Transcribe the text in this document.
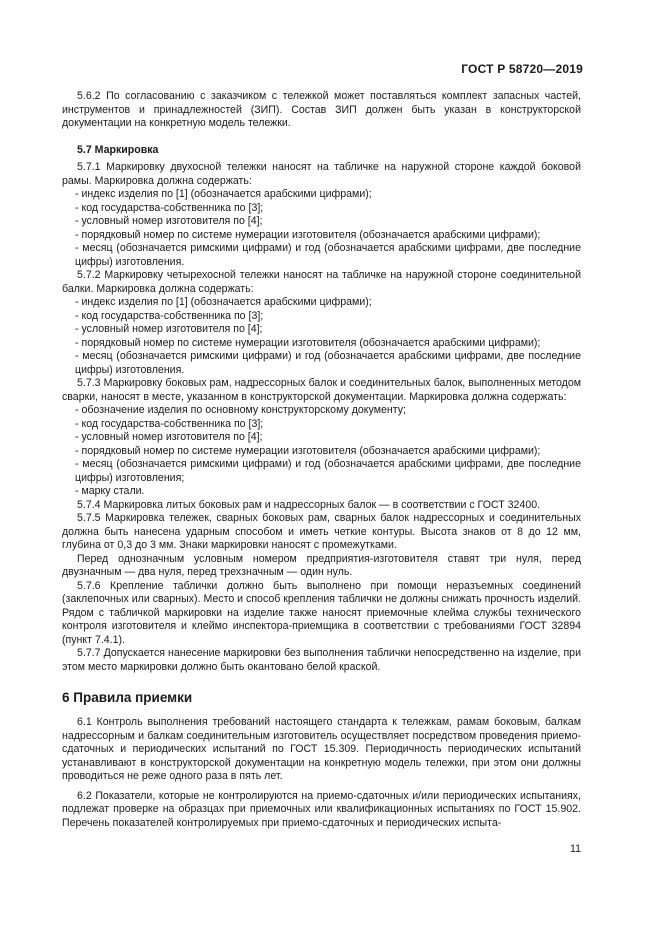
ГОСТ Р 58720—2019

5.6.2 По согласованию с заказчиком с тележкой может поставляться комплект запасных частей, инструментов и принадлежностей (ЗИП). Состав ЗИП должен быть указан в конструкторской документации на конкретную модель тележки.

5.7 Маркировка

5.7.1 Маркировку двухосной тележки наносят на табличке на наружной стороне каждой боковой рамы. Маркировка должна содержать:

- индекс изделия по [1] (обозначается арабскими цифрами);

- код государства-собственника по [3];

- условный номер изготовителя по [4];

- порядковый номер по системе нумерации изготовителя (обозначается арабскими цифрами);

- месяц (обозначается римскими цифрами) и год (обозначается арабскими цифрами, две последние цифры) изготовления.

5.7.2 Маркировку четырехосной тележки наносят на табличке на наружной стороне соединительной балки. Маркировка должна содержать:

- индекс изделия по [1] (обозначается арабскими цифрами);

- код государства-собственника по [3];

- условный номер изготовителя по [4];

- порядковый номер по системе нумерации изготовителя (обозначается арабскими цифрами);

- месяц (обозначается римскими цифрами) и год (обозначается арабскими цифрами, две последние цифры) изготовления.

5.7.3 Маркировку боковых рам, надрессорных балок и соединительных балок, выполненных методом сварки, наносят в месте, указанном в конструкторской документации. Маркировка должна содержать:

- обозначение изделия по основному конструкторскому документу;

- код государства-собственника по [3];

- условный номер изготовителя по [4];

- порядковый номер по системе нумерации изготовителя (обозначается арабскими цифрами);

- месяц (обозначается римскими цифрами) и год (обозначается арабскими цифрами, две последние цифры) изготовления;

- марку стали.

5.7.4 Маркировка литых боковых рам и надрессорных балок — в соответствии с ГОСТ 32400.

5.7.5 Маркировка тележек, сварных боковых рам, сварных балок надрессорных и соединительных должна быть нанесена ударным способом и иметь четкие контуры. Высота знаков от 8 до 12 мм, глубина от 0,3 до 3 мм. Знаки маркировки наносят с промежутками.

Перед однозначным условным номером предприятия-изготовителя ставят три нуля, перед двузначным — два нуля, перед трехзначным — один нуль.

5.7.6 Крепление таблички должно быть выполнено при помощи неразъемных соединений (заклепочных или сварных). Место и способ крепления таблички не должны снижать прочность изделий. Рядом с табличкой маркировки на изделие также наносят приемочные клейма службы технического контроля изготовителя и клеймо инспектора-приемщика в соответствии с требованиями ГОСТ 32894 (пункт 7.4.1).

5.7.7 Допускается нанесение маркировки без выполнения таблички непосредственно на изделие, при этом место маркировки должно быть окантовано белой краской.

6 Правила приемки

6.1 Контроль выполнения требований настоящего стандарта к тележкам, рамам боковым, балкам надрессорным и балкам соединительным изготовитель осуществляет посредством проведения приемо-сдаточных и периодических испытаний по ГОСТ 15.309. Периодичность периодических испытаний устанавливают в конструкторской документации на конкретную модель тележки, при этом они должны проводиться не реже одного раза в пять лет.

6.2 Показатели, которые не контролируются на приемо-сдаточных и/или периодических испытаниях, подлежат проверке на образцах при приемочных или квалификационных испытаниях по ГОСТ 15.902. Перечень показателей контролируемых при приемо-сдаточных и периодических испыта-

11
